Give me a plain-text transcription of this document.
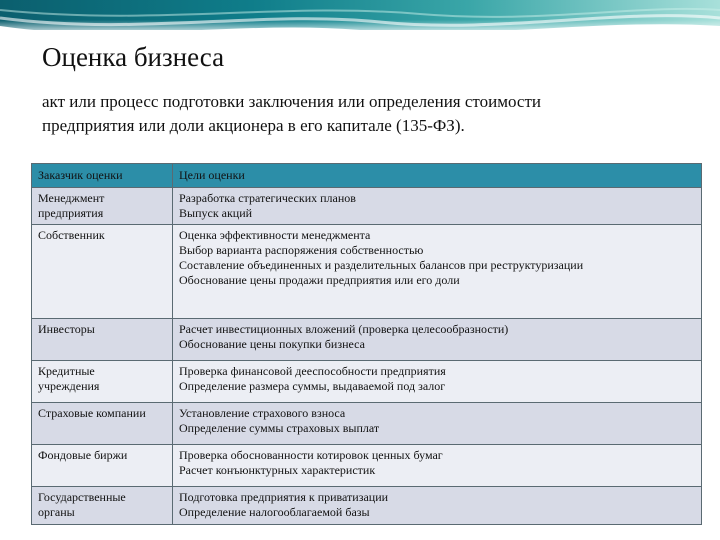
Оценка бизнеса

акт или процесс подготовки заключения или определения стоимости
предприятия или доли акционера в его капитале (135-ФЗ).

Заказчик оценки	Цели оценки

Менеджмент
предприятия	Разработка стратегических планов
Выпуск акций

Собственник	Оценка эффективности менеджмента
Выбор варианта распоряжения собственностью
Составление объединенных и разделительных балансов при реструктуризации
Обоснование цены продажи предприятия или его доли

Инвесторы	Расчет инвестиционных вложений (проверка целесообразности)
Обоснование цены покупки бизнеса

Кредитные
учреждения	Проверка финансовой дееспособности предприятия
Определение размера суммы, выдаваемой под залог

Страховые компании	Установление страхового взноса
Определение суммы страховых выплат

Фондовые биржи	Проверка обоснованности котировок ценных бумаг
Расчет конъюнктурных характеристик

Государственные
органы	Подготовка предприятия к приватизации
Определение налогооблагаемой базы
